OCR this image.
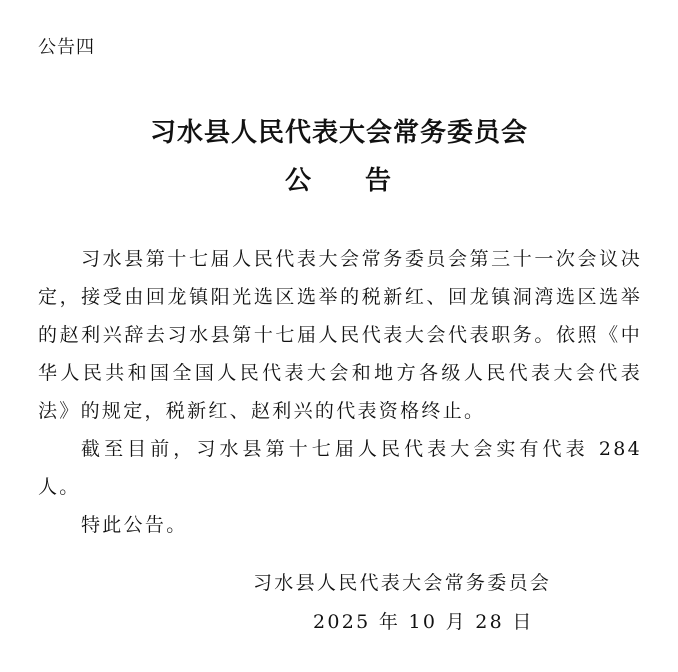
公告四
习水县人民代表大会常务委员会
公 告

习水县第十七届人民代表大会常务委员会第三十一次会议决定，接受由回龙镇阳光选区选举的税新红、回龙镇洞湾选区选举的赵利兴辞去习水县第十七届人民代表大会代表职务。依照《中华人民共和国全国人民代表大会和地方各级人民代表大会代表法》的规定，税新红、赵利兴的代表资格终止。

截至目前，习水县第十七届人民代表大会实有代表 284 人。

特此公告。

习水县人民代表大会常务委员会
2025 年 10 月 28 日
